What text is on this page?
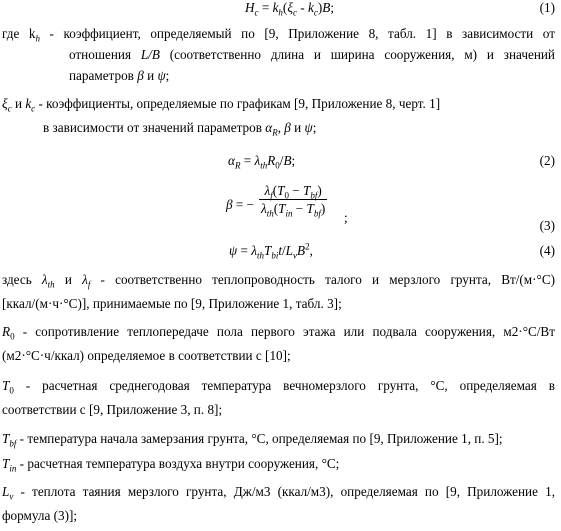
$H_c = k_h(\xi_c - k_c)B$;	(1)
где $k_h$ - коэффициент, определяемый по [9, Приложение 8, табл. 1] в зависимости от
отношения L/B (соответственно длина и ширина сооружения, м) и значений
параметров β и ψ;
$\xi_c$ и $k_c$ - коэффициенты, определяемые по графикам [9, Приложение 8, черт. 1]
в зависимости от значений параметров $\alpha_R$, β и ψ;
$\alpha_R = \lambda_{th}R_0/B$;	(2)
β = −
$\lambda_f(T_0 - T_{bf})$
$\lambda_{th}(T_{in} - T_{bf})$
;
(3)
$\psi = \lambda_{th}T_{bi}t/L_vB^2$,	(4)
здесь $\lambda_{th}$ и $\lambda_f$ - соответственно теплопроводность талого и мерзлого грунта, Вт/(м·°С)
[ккал/(м·ч·°С)], принимаемые по [9, Приложение 1, табл. 3];
$R_0$ - сопротивление теплопередаче пола первого этажа или подвала сооружения, м2·°С/Вт
(м2·°С·ч/ккал) определяемое в соответствии с [10];
$T_0$ - расчетная среднегодовая температура вечномерзлого грунта, °С, определяемая в
соответствии с [9, Приложение 3, п. 8];
$T_{bf}$ - температура начала замерзания грунта, °С, определяемая по [9, Приложение 1, п. 5];
$T_{in}$ - расчетная температура воздуха внутри сооружения, °С;
$L_v$ - теплота таяния мерзлого грунта, Дж/м3 (ккал/м3), определяемая по [9, Приложение 1,
формула (3)];
